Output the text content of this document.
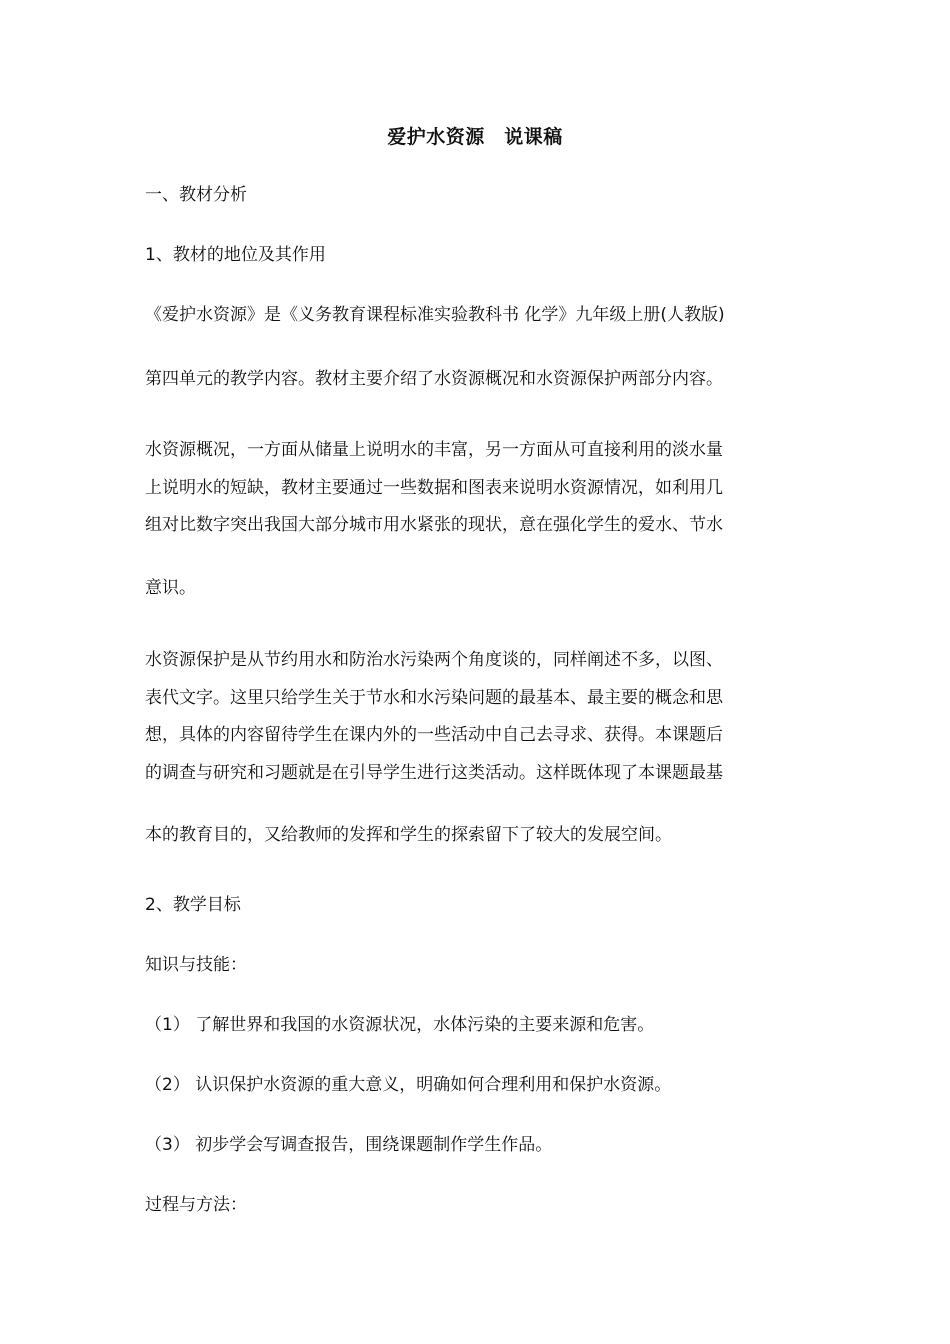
爱护水资源　说课稿
一、教材分析
1、教材的地位及其作用
《爱护水资源》是《义务教育课程标准实验教科书 化学》九年级上册(人教版)
第四单元的教学内容。教材主要介绍了水资源概况和水资源保护两部分内容。
水资源概况，一方面从储量上说明水的丰富，另一方面从可直接利用的淡水量
上说明水的短缺，教材主要通过一些数据和图表来说明水资源情况，如利用几
组对比数字突出我国大部分城市用水紧张的现状，意在强化学生的爱水、节水
意识。
水资源保护是从节约用水和防治水污染两个角度谈的，同样阐述不多，以图、
表代文字。这里只给学生关于节水和水污染问题的最基本、最主要的概念和思
想，具体的内容留待学生在课内外的一些活动中自己去寻求、获得。本课题后
的调查与研究和习题就是在引导学生进行这类活动。这样既体现了本课题最基
本的教育目的，又给教师的发挥和学生的探索留下了较大的发展空间。
2、教学目标
知识与技能：
（1） 了解世界和我国的水资源状况，水体污染的主要来源和危害。
（2） 认识保护水资源的重大意义，明确如何合理利用和保护水资源。
（3） 初步学会写调查报告，围绕课题制作学生作品。
过程与方法：
